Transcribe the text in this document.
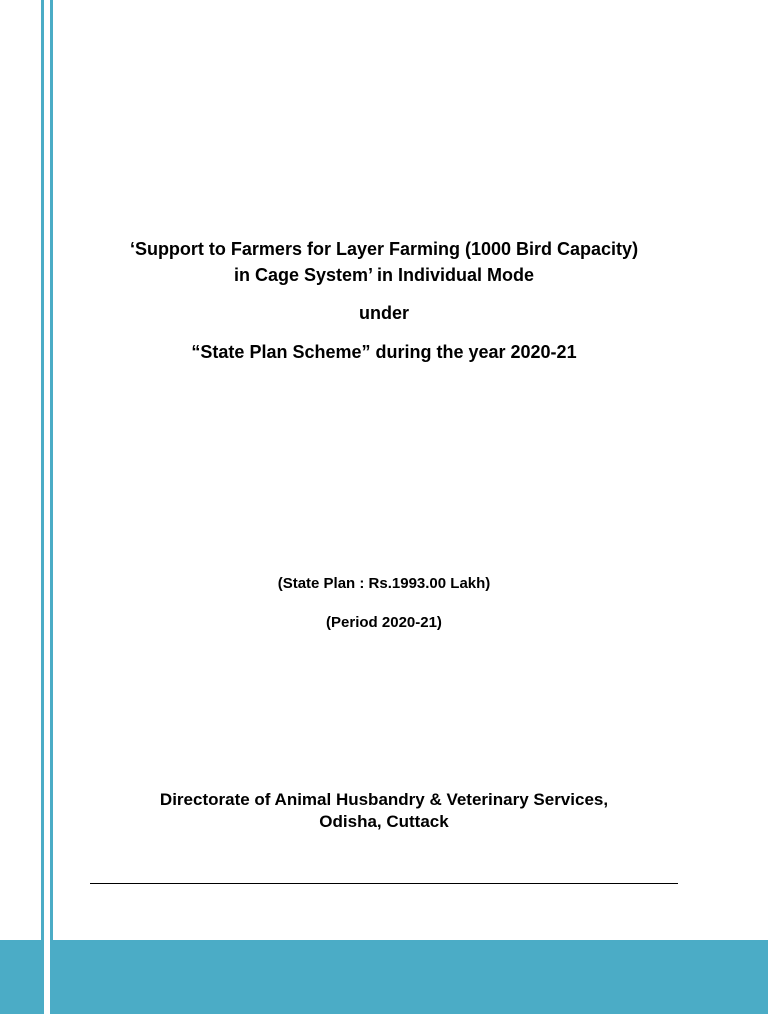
‘Support to Farmers for Layer Farming (1000 Bird Capacity)
in Cage System’ in Individual Mode
under
“State Plan Scheme” during the year 2020-21
(State Plan : Rs.1993.00 Lakh)
(Period 2020-21)
Directorate of Animal Husbandry & Veterinary Services,
Odisha, Cuttack
